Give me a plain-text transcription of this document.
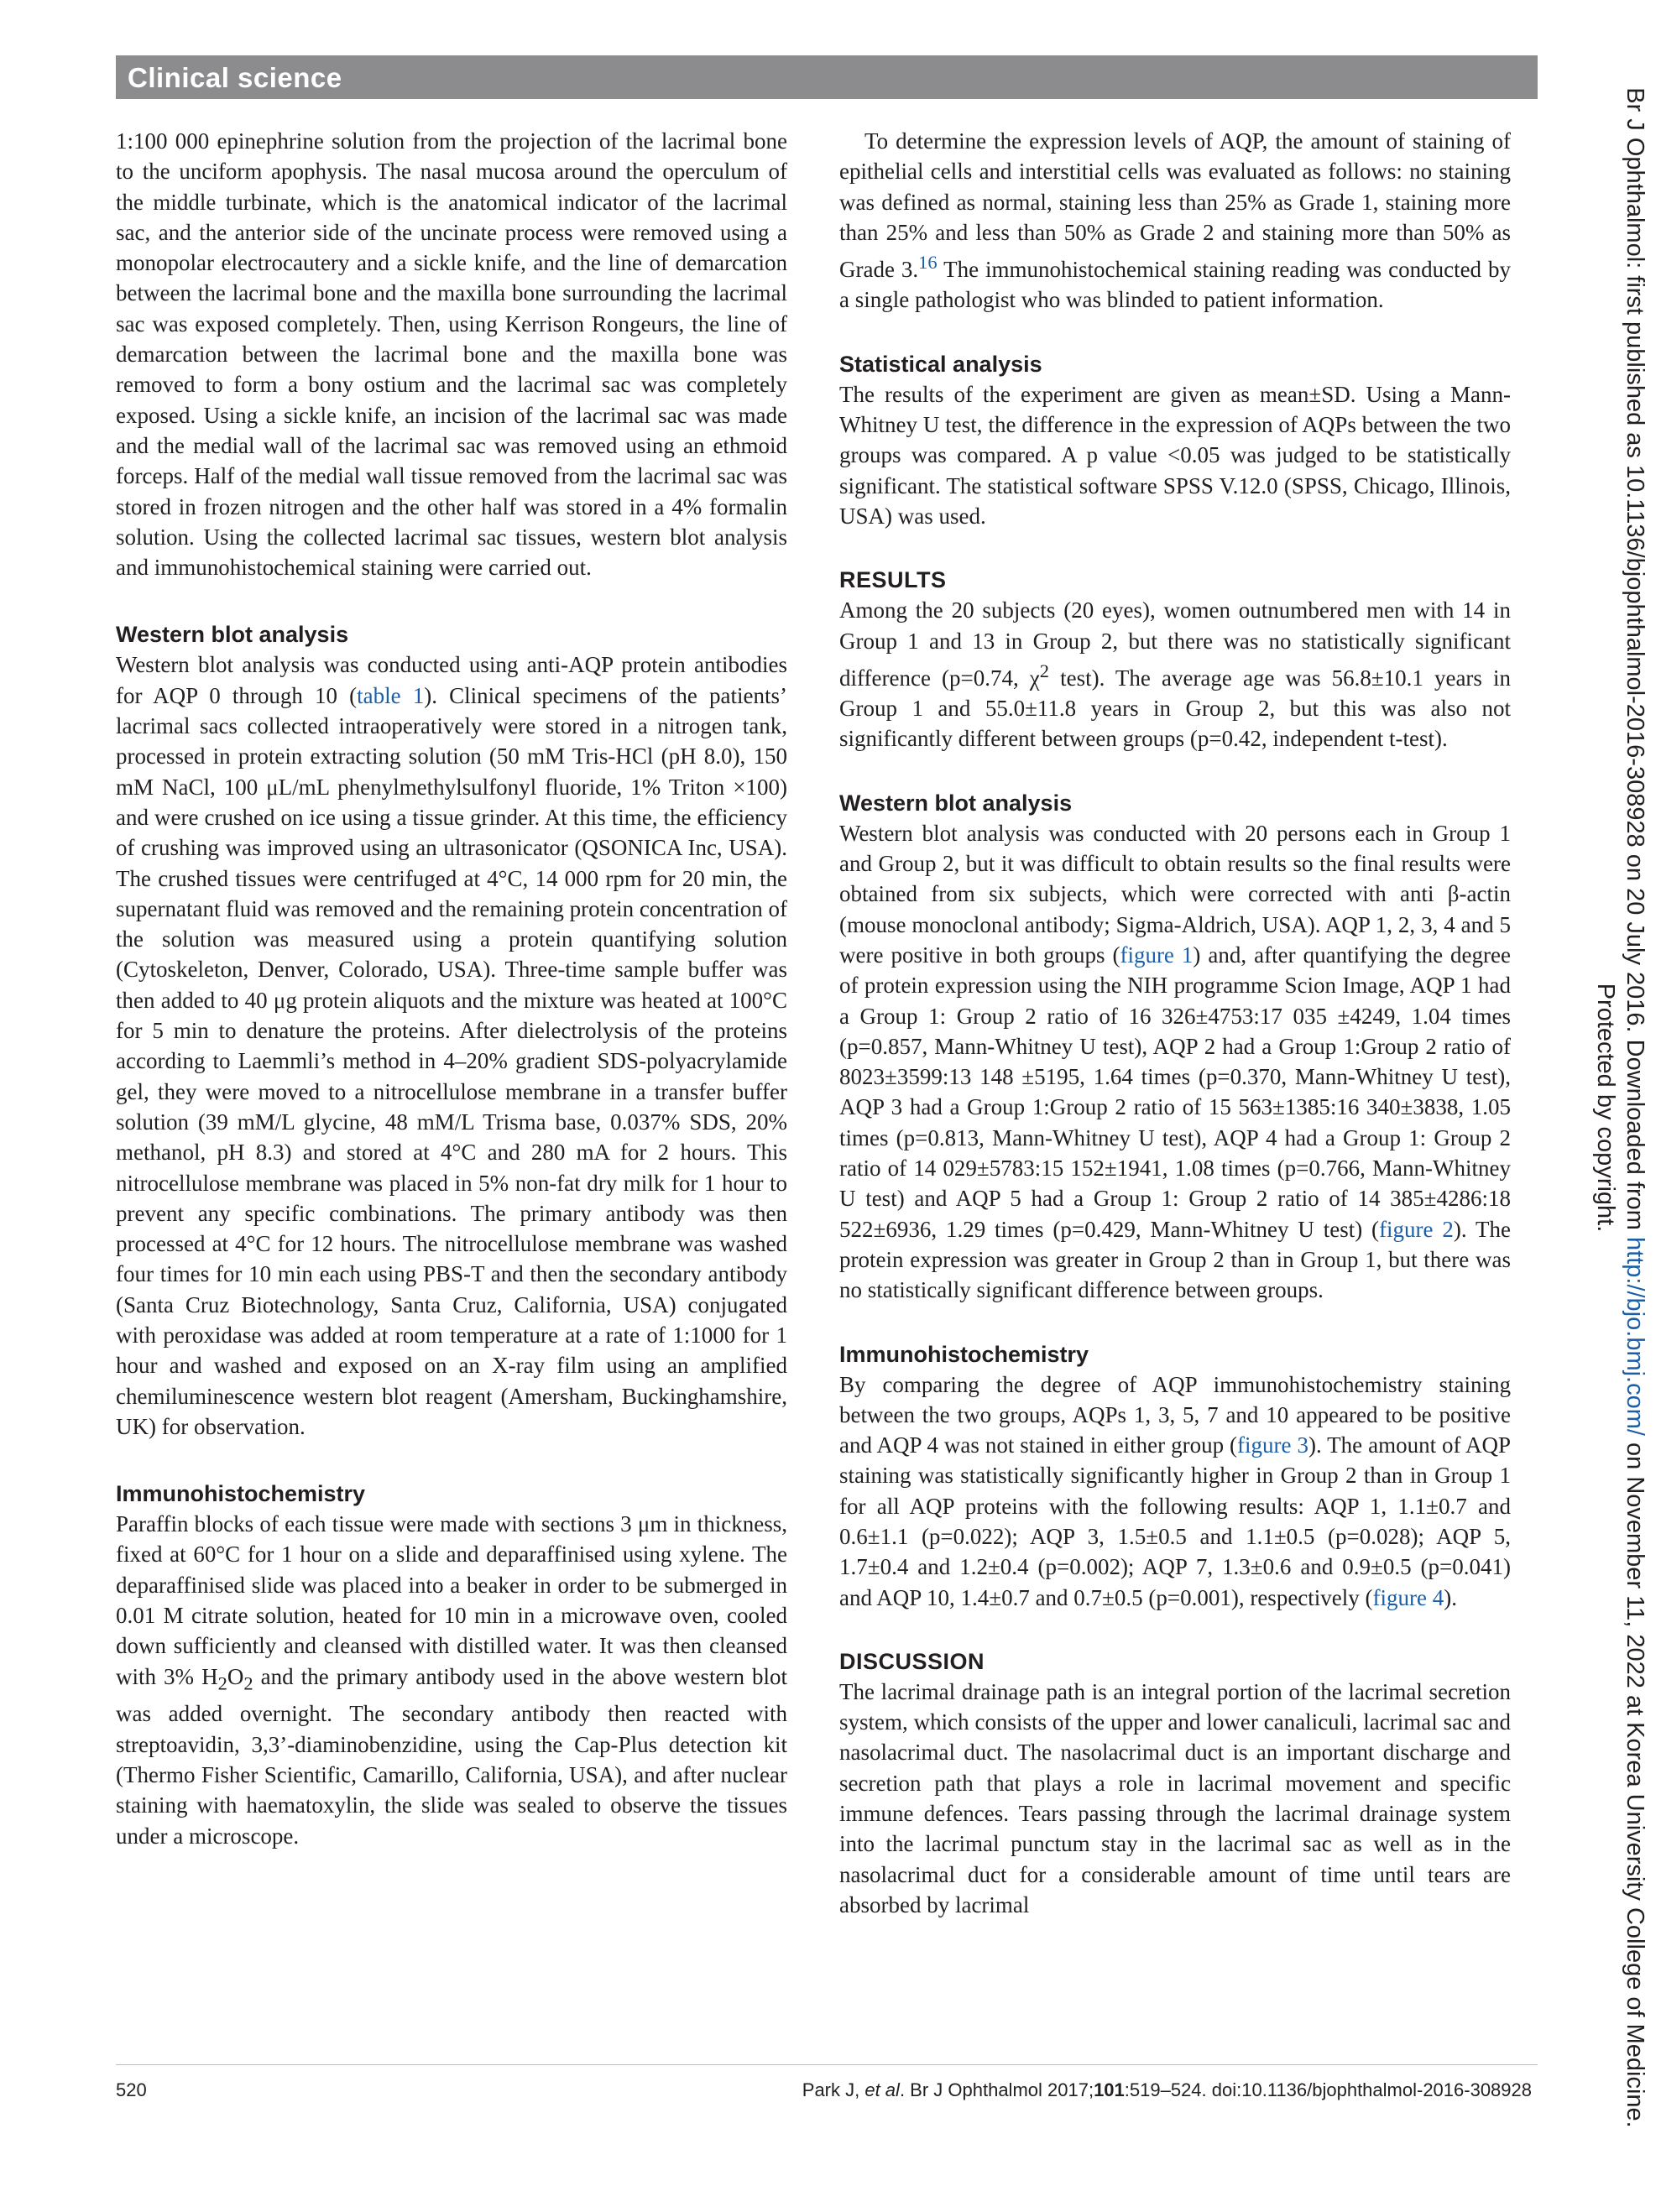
Clinical science

1:100 000 epinephrine solution from the projection of the lacrimal bone to the unciform apophysis. The nasal mucosa around the operculum of the middle turbinate, which is the anatomical indicator of the lacrimal sac, and the anterior side of the uncinate process were removed using a monopolar electrocautery and a sickle knife, and the line of demarcation between the lacrimal bone and the maxilla bone surrounding the lacrimal sac was exposed completely. Then, using Kerrison Rongeurs, the line of demarcation between the lacrimal bone and the maxilla bone was removed to form a bony ostium and the lacrimal sac was completely exposed. Using a sickle knife, an incision of the lacrimal sac was made and the medial wall of the lacrimal sac was removed using an ethmoid forceps. Half of the medial wall tissue removed from the lacrimal sac was stored in frozen nitrogen and the other half was stored in a 4% formalin solution. Using the collected lacrimal sac tissues, western blot analysis and immunohistochemical staining were carried out.

Western blot analysis

Western blot analysis was conducted using anti-AQP protein antibodies for AQP 0 through 10 (table 1). Clinical specimens of the patients’ lacrimal sacs collected intraoperatively were stored in a nitrogen tank, processed in protein extracting solution (50 mM Tris-HCl (pH 8.0), 150 mM NaCl, 100 μL/mL phenylmethylsulfonyl fluoride, 1% Triton ×100) and were crushed on ice using a tissue grinder. At this time, the efficiency of crushing was improved using an ultrasonicator (QSONICA Inc, USA). The crushed tissues were centrifuged at 4°C, 14 000 rpm for 20 min, the supernatant fluid was removed and the remaining protein concentration of the solution was measured using a protein quantifying solution (Cytoskeleton, Denver, Colorado, USA). Three-time sample buffer was then added to 40 μg protein aliquots and the mixture was heated at 100°C for 5 min to denature the proteins. After dielectrolysis of the proteins according to Laemmli’s method in 4–20% gradient SDS-polyacrylamide gel, they were moved to a nitrocellulose membrane in a transfer buffer solution (39 mM/L glycine, 48 mM/L Trisma base, 0.037% SDS, 20% methanol, pH 8.3) and stored at 4°C and 280 mA for 2 hours. This nitrocellulose membrane was placed in 5% non-fat dry milk for 1 hour to prevent any specific combinations. The primary antibody was then processed at 4°C for 12 hours. The nitrocellulose membrane was washed four times for 10 min each using PBS-T and then the secondary antibody (Santa Cruz Biotechnology, Santa Cruz, California, USA) conjugated with peroxidase was added at room temperature at a rate of 1:1000 for 1 hour and washed and exposed on an X-ray film using an amplified chemiluminescence western blot reagent (Amersham, Buckinghamshire, UK) for observation.

Immunohistochemistry

Paraffin blocks of each tissue were made with sections 3 μm in thickness, fixed at 60°C for 1 hour on a slide and deparaffinised using xylene. The deparaffinised slide was placed into a beaker in order to be submerged in 0.01 M citrate solution, heated for 10 min in a microwave oven, cooled down sufficiently and cleansed with distilled water. It was then cleansed with 3% $H_2O_2$ and the primary antibody used in the above western blot was added overnight. The secondary antibody then reacted with streptoavidin, 3,3’-diaminobenzidine, using the Cap-Plus detection kit (Thermo Fisher Scientific, Camarillo, California, USA), and after nuclear staining with haematoxylin, the slide was sealed to observe the tissues under a microscope.

To determine the expression levels of AQP, the amount of staining of epithelial cells and interstitial cells was evaluated as follows: no staining was defined as normal, staining less than 25% as Grade 1, staining more than 25% and less than 50% as Grade 2 and staining more than 50% as Grade 3.16 The immunohistochemical staining reading was conducted by a single pathologist who was blinded to patient information.

Statistical analysis

The results of the experiment are given as mean±SD. Using a Mann-Whitney U test, the difference in the expression of AQPs between the two groups was compared. A p value <0.05 was judged to be statistically significant. The statistical software SPSS V.12.0 (SPSS, Chicago, Illinois, USA) was used.

RESULTS

Among the 20 subjects (20 eyes), women outnumbered men with 14 in Group 1 and 13 in Group 2, but there was no statistically significant difference (p=0.74, $\chi^2$ test). The average age was 56.8±10.1 years in Group 1 and 55.0±11.8 years in Group 2, but this was also not significantly different between groups (p=0.42, independent t-test).

Western blot analysis

Western blot analysis was conducted with 20 persons each in Group 1 and Group 2, but it was difficult to obtain results so the final results were obtained from six subjects, which were corrected with anti β-actin (mouse monoclonal antibody; Sigma-Aldrich, USA). AQP 1, 2, 3, 4 and 5 were positive in both groups (figure 1) and, after quantifying the degree of protein expression using the NIH programme Scion Image, AQP 1 had a Group 1: Group 2 ratio of 16 326±4753:17 035 ±4249, 1.04 times (p=0.857, Mann-Whitney U test), AQP 2 had a Group 1:Group 2 ratio of 8023±3599:13 148 ±5195, 1.64 times (p=0.370, Mann-Whitney U test), AQP 3 had a Group 1:Group 2 ratio of 15 563±1385:16 340±3838, 1.05 times (p=0.813, Mann-Whitney U test), AQP 4 had a Group 1: Group 2 ratio of 14 029±5783:15 152±1941, 1.08 times (p=0.766, Mann-Whitney U test) and AQP 5 had a Group 1: Group 2 ratio of 14 385±4286:18 522±6936, 1.29 times (p=0.429, Mann-Whitney U test) (figure 2). The protein expression was greater in Group 2 than in Group 1, but there was no statistically significant difference between groups.

Immunohistochemistry

By comparing the degree of AQP immunohistochemistry staining between the two groups, AQPs 1, 3, 5, 7 and 10 appeared to be positive and AQP 4 was not stained in either group (figure 3). The amount of AQP staining was statistically significantly higher in Group 2 than in Group 1 for all AQP proteins with the following results: AQP 1, 1.1±0.7 and 0.6±1.1 (p=0.022); AQP 3, 1.5±0.5 and 1.1±0.5 (p=0.028); AQP 5, 1.7±0.4 and 1.2±0.4 (p=0.002); AQP 7, 1.3±0.6 and 0.9±0.5 (p=0.041) and AQP 10, 1.4±0.7 and 0.7±0.5 (p=0.001), respectively (figure 4).

DISCUSSION

The lacrimal drainage path is an integral portion of the lacrimal secretion system, which consists of the upper and lower canaliculi, lacrimal sac and nasolacrimal duct. The nasolacrimal duct is an important discharge and secretion path that plays a role in lacrimal movement and specific immune defences. Tears passing through the lacrimal drainage system into the lacrimal punctum stay in the lacrimal sac as well as in the nasolacrimal duct for a considerable amount of time until tears are absorbed by lacrimal

520	Park J, et al. Br J Ophthalmol 2017;101:519–524. doi:10.1136/bjophthalmol-2016-308928
Br J Ophthalmol: first published as 10.1136/bjophthalmol-2016-308928 on 20 July 2016. Downloaded from http://bjo.bmj.com/ on November 11, 2022 at Korea University College of Medicine.
Protected by copyright.
